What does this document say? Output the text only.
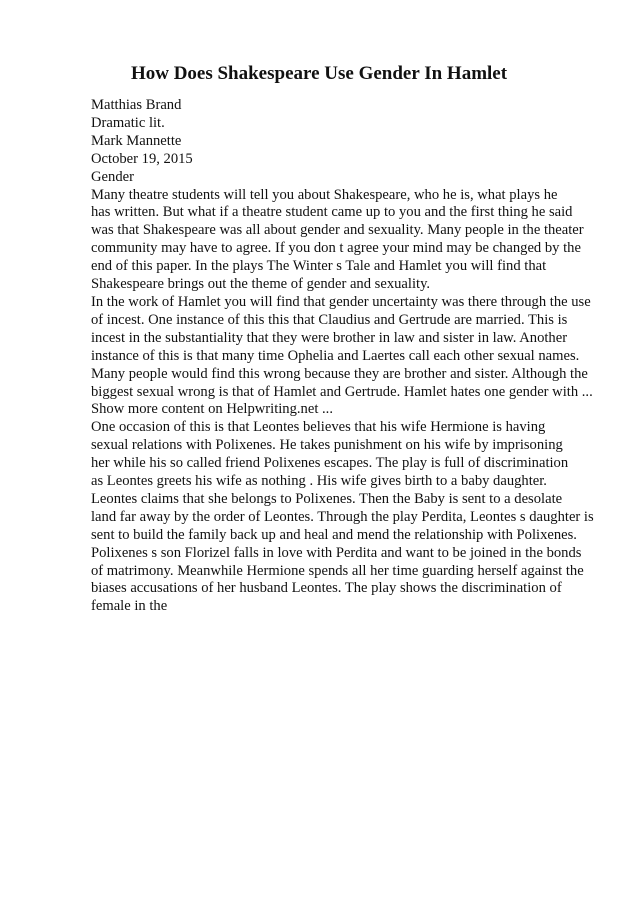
How Does Shakespeare Use Gender In Hamlet
Matthias Brand
Dramatic lit.
Mark Mannette
October 19, 2015
Gender
Many theatre students will tell you about Shakespeare, who he is, what plays he
has written. But what if a theatre student came up to you and the first thing he said
was that Shakespeare was all about gender and sexuality. Many people in the theater
community may have to agree. If you don t agree your mind may be changed by the
end of this paper. In the plays The Winter s Tale and Hamlet you will find that
Shakespeare brings out the theme of gender and sexuality.
In the work of Hamlet you will find that gender uncertainty was there through the use
of incest. One instance of this this that Claudius and Gertrude are married. This is
incest in the substantiality that they were brother in law and sister in law. Another
instance of this is that many time Ophelia and Laertes call each other sexual names.
Many people would find this wrong because they are brother and sister. Although the
biggest sexual wrong is that of Hamlet and Gertrude. Hamlet hates one gender with ...
Show more content on Helpwriting.net ...
One occasion of this is that Leontes believes that his wife Hermione is having
sexual relations with Polixenes. He takes punishment on his wife by imprisoning
her while his so called friend Polixenes escapes. The play is full of discrimination
as Leontes greets his wife as nothing . His wife gives birth to a baby daughter.
Leontes claims that she belongs to Polixenes. Then the Baby is sent to a desolate
land far away by the order of Leontes. Through the play Perdita, Leontes s daughter is
sent to build the family back up and heal and mend the relationship with Polixenes.
Polixenes s son Florizel falls in love with Perdita and want to be joined in the bonds
of matrimony. Meanwhile Hermione spends all her time guarding herself against the
biases accusations of her husband Leontes. The play shows the discrimination of
female in the
